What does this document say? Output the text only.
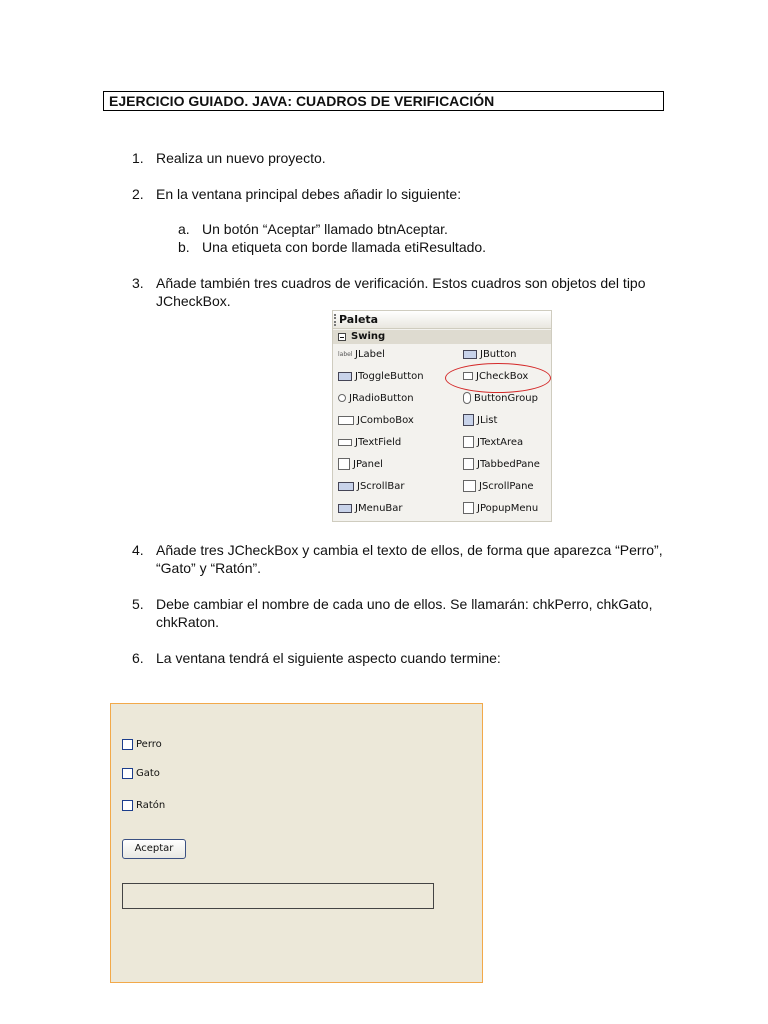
EJERCICIO GUIADO. JAVA: CUADROS DE VERIFICACIÓN
1. Realiza un nuevo proyecto.
2. En la ventana principal debes añadir lo siguiente:
a. Un botón “Aceptar” llamado btnAceptar.
b. Una etiqueta con borde llamada etiResultado.
3. Añade también tres cuadros de verificación. Estos cuadros son objetos del tipo JCheckBox.
Paleta
Swing
label JLabel	JButton
JToggleButton	JCheckBox
JRadioButton	ButtonGroup
JComboBox	JList
JTextField	JTextArea
JPanel	JTabbedPane
JScrollBar	JScrollPane
JMenuBar	JPopupMenu
4. Añade tres JCheckBox y cambia el texto de ellos, de forma que aparezca “Perro”, “Gato” y “Ratón”.
5. Debe cambiar el nombre de cada uno de ellos. Se llamarán: chkPerro, chkGato, chkRaton.
6. La ventana tendrá el siguiente aspecto cuando termine:
Perro
Gato
Ratón
Aceptar
